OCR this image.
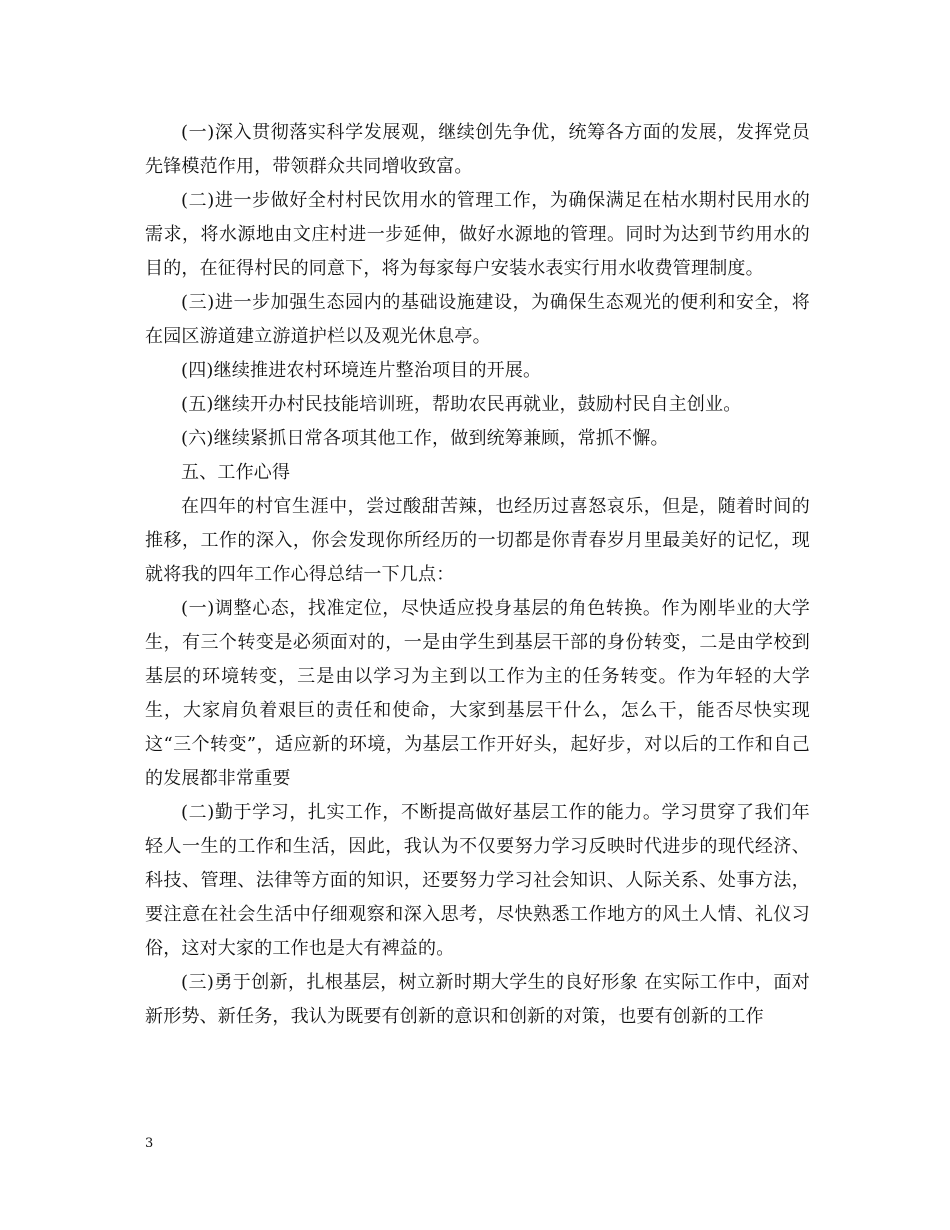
(一)深入贯彻落实科学发展观，继续创先争优，统筹各方面的发展，发挥党员先锋模范作用，带领群众共同增收致富。

(二)进一步做好全村村民饮用水的管理工作，为确保满足在枯水期村民用水的需求，将水源地由文庄村进一步延伸，做好水源地的管理。同时为达到节约用水的目的，在征得村民的同意下，将为每家每户安装水表实行用水收费管理制度。

(三)进一步加强生态园内的基础设施建设，为确保生态观光的便利和安全，将在园区游道建立游道护栏以及观光休息亭。

(四)继续推进农村环境连片整治项目的开展。

(五)继续开办村民技能培训班，帮助农民再就业，鼓励村民自主创业。

(六)继续紧抓日常各项其他工作，做到统筹兼顾，常抓不懈。

五、工作心得

在四年的村官生涯中，尝过酸甜苦辣，也经历过喜怒哀乐，但是，随着时间的推移，工作的深入，你会发现你所经历的一切都是你青春岁月里最美好的记忆，现就将我的四年工作心得总结一下几点：

(一)调整心态，找准定位，尽快适应投身基层的角色转换。作为刚毕业的大学生，有三个转变是必须面对的，一是由学生到基层干部的身份转变，二是由学校到基层的环境转变，三是由以学习为主到以工作为主的任务转变。作为年轻的大学生，大家肩负着艰巨的责任和使命，大家到基层干什么，怎么干，能否尽快实现这“三个转变”，适应新的环境，为基层工作开好头，起好步，对以后的工作和自己的发展都非常重要

(二)勤于学习，扎实工作，不断提高做好基层工作的能力。学习贯穿了我们年轻人一生的工作和生活，因此，我认为不仅要努力学习反映时代进步的现代经济、科技、管理、法律等方面的知识，还要努力学习社会知识、人际关系、处事方法，要注意在社会生活中仔细观察和深入思考，尽快熟悉工作地方的风土人情、礼仪习俗，这对大家的工作也是大有裨益的。

(三)勇于创新，扎根基层，树立新时期大学生的良好形象 在实际工作中，面对新形势、新任务，我认为既要有创新的意识和创新的对策，也要有创新的工作

3
